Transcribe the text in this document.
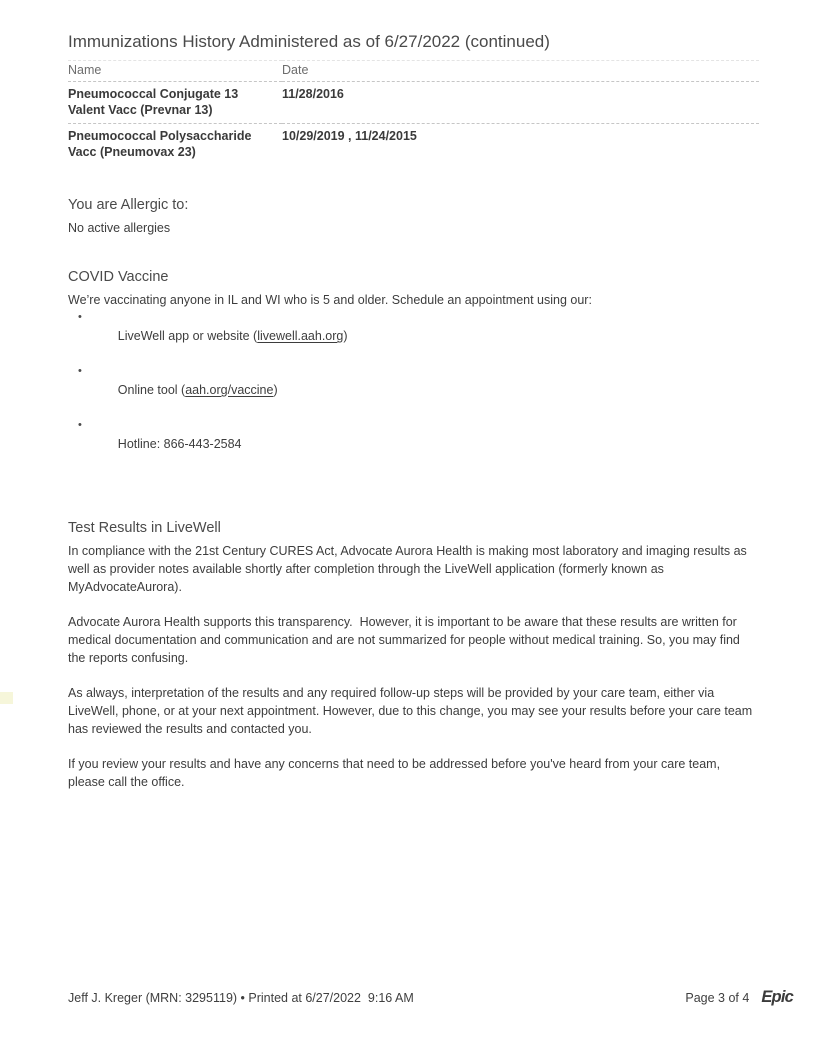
Immunizations History Administered as of 6/27/2022 (continued)
Name	Date
Pneumococcal Conjugate 13 Valent Vacc (Prevnar 13)	11/28/2016
Pneumococcal Polysaccharide Vacc (Pneumovax 23)	10/29/2019 , 11/24/2015
You are Allergic to:

No active allergies

COVID Vaccine

We’re vaccinating anyone in IL and WI who is 5 and older. Schedule an appointment using our:

•
LiveWell app or website (livewell.aah.org)

•
Online tool (aah.org/vaccine)

•
Hotline: 866-443-2584

Test Results in LiveWell

In compliance with the 21st Century CURES Act, Advocate Aurora Health is making most laboratory and imaging results as well as provider notes available shortly after completion through the LiveWell application (formerly known as MyAdvocateAurora).

Advocate Aurora Health supports this transparency.  However, it is important to be aware that these results are written for medical documentation and communication and are not summarized for people without medical training. So, you may find the reports confusing.

As always, interpretation of the results and any required follow-up steps will be provided by your care team, either via LiveWell, phone, or at your next appointment. However, due to this change, you may see your results before your care team has reviewed the results and contacted you.

If you review your results and have any concerns that need to be addressed before you've heard from your care team, please call the office.

Jeff J. Kreger (MRN: 3295119) • Printed at 6/27/2022  9:16 AM	Page 3 of 4 Epic
